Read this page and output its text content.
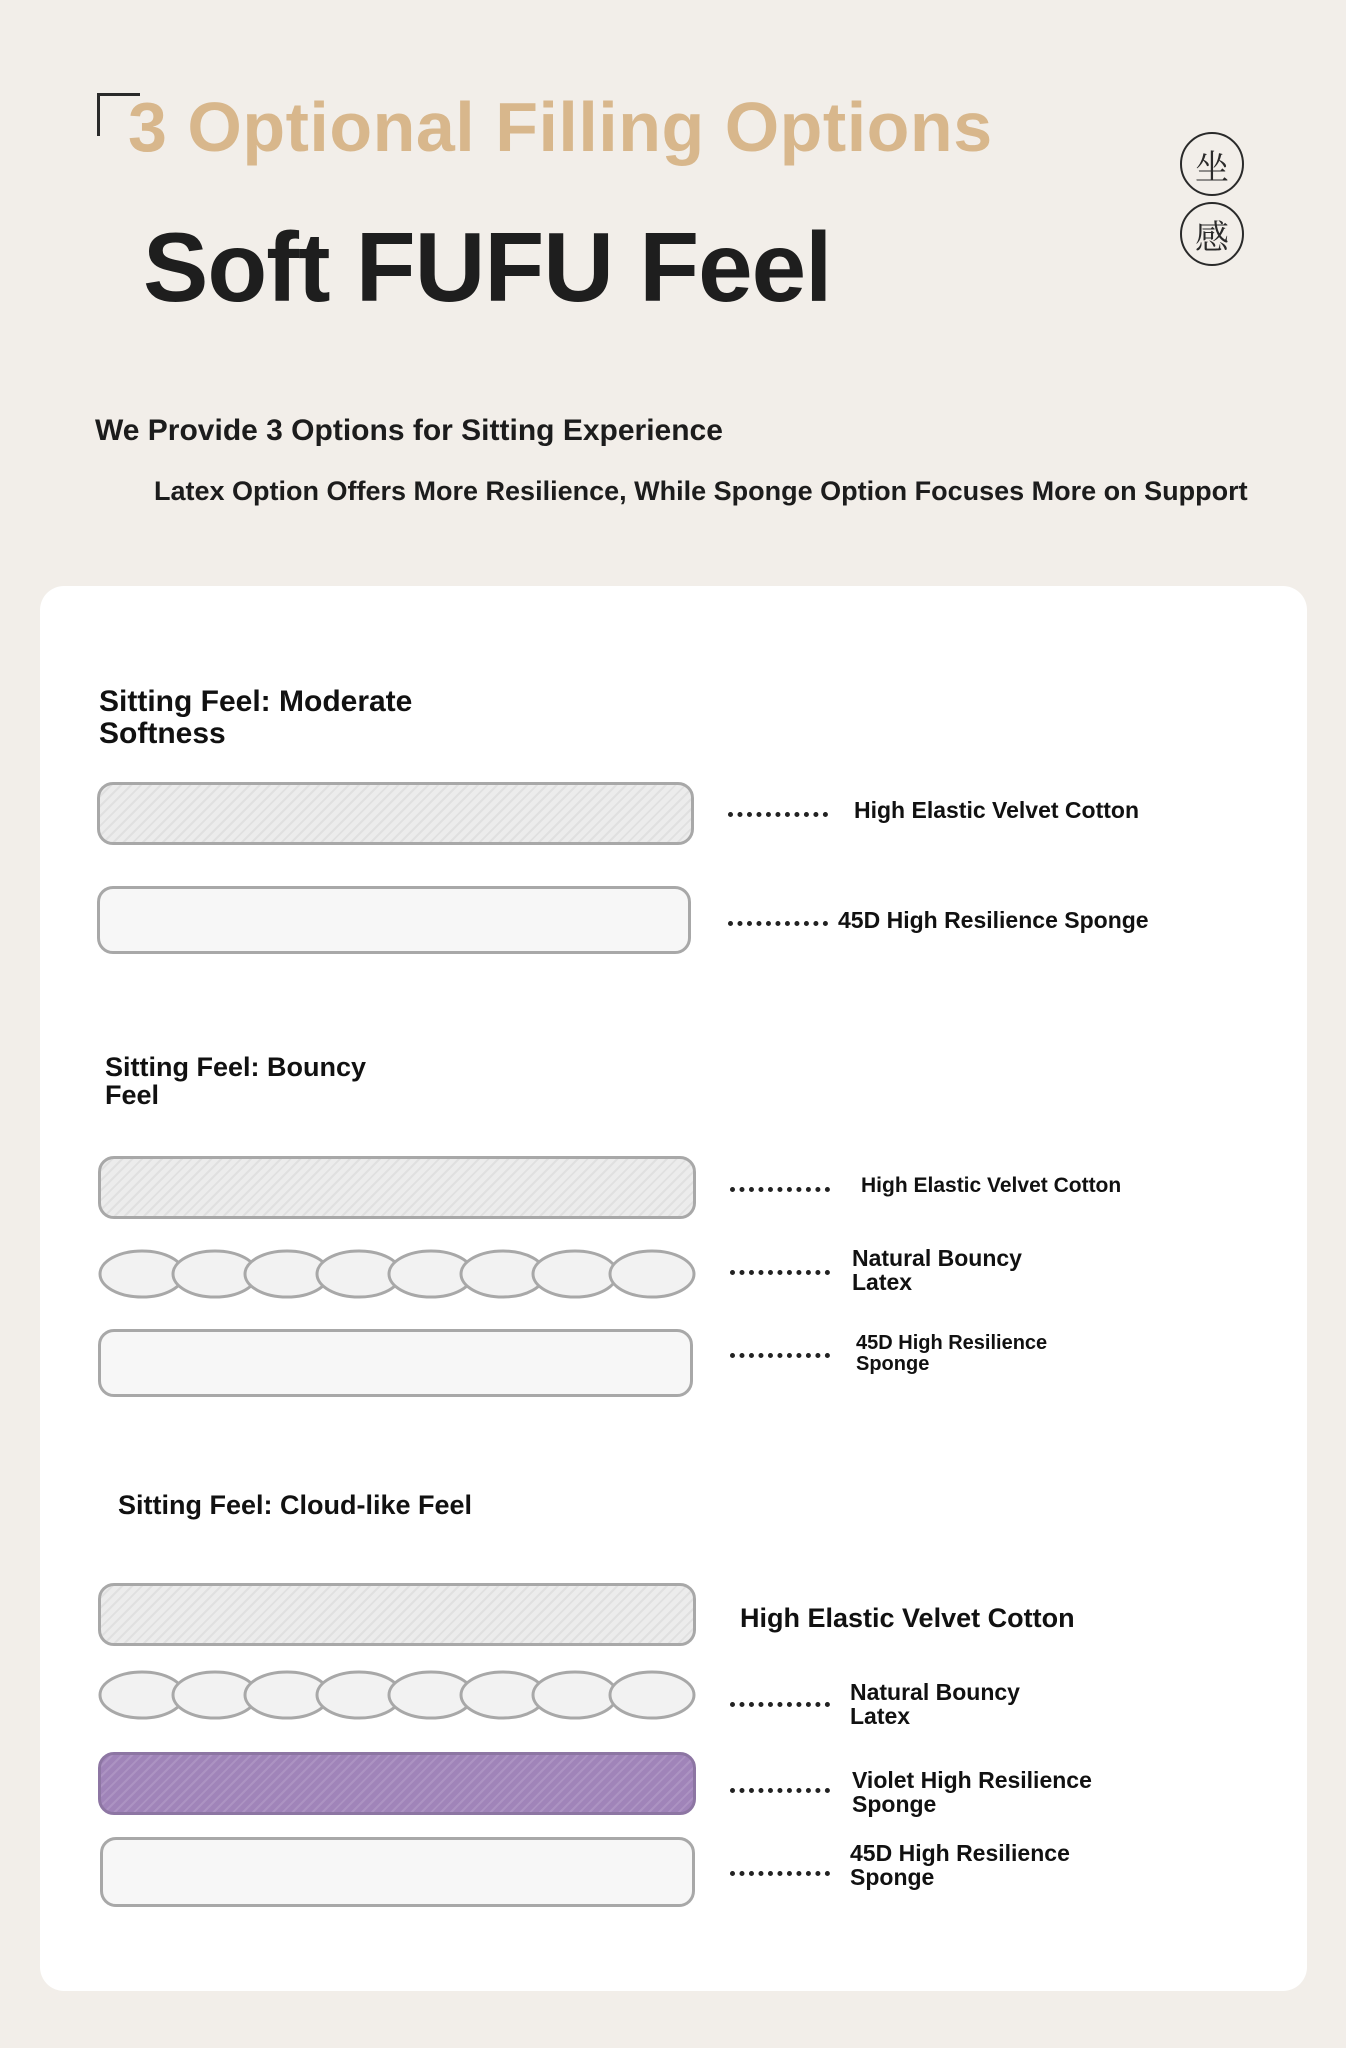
3 Optional Filling Options
Soft FUFU Feel
坐
感
We Provide 3 Options for Sitting Experience
Latex Option Offers More Resilience, While Sponge Option Focuses More on Support
Sitting Feel: Moderate Softness
High Elastic Velvet Cotton
45D High Resilience Sponge
Sitting Feel: Bouncy Feel
High Elastic Velvet Cotton
Natural Bouncy Latex
45D High Resilience Sponge
Sitting Feel: Cloud-like Feel
High Elastic Velvet Cotton
Natural Bouncy Latex
Violet High Resilience Sponge
45D High Resilience Sponge
